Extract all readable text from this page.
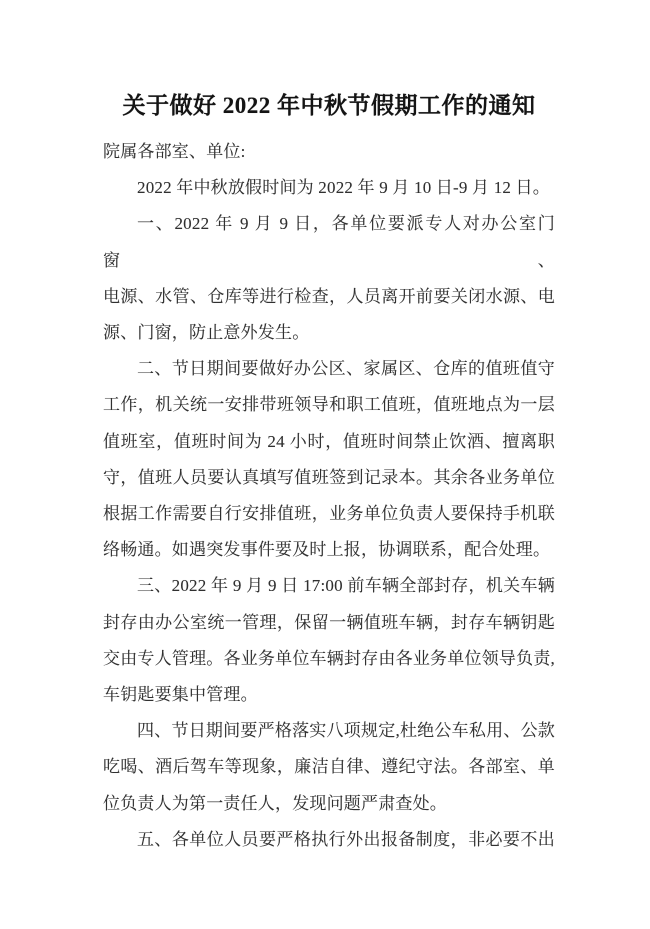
关于做好 2022 年中秋节假期工作的通知
院属各部室、单位:
2022 年中秋放假时间为 2022 年 9 月 10 日-9 月 12 日。
一、2022 年 9 月 9 日，各单位要派专人对办公室门窗、
电源、水管、仓库等进行检查，人员离开前要关闭水源、电
源、门窗，防止意外发生。
二、节日期间要做好办公区、家属区、仓库的值班值守
工作，机关统一安排带班领导和职工值班，值班地点为一层
值班室，值班时间为 24 小时，值班时间禁止饮酒、擅离职
守，值班人员要认真填写值班签到记录本。其余各业务单位
根据工作需要自行安排值班，业务单位负责人要保持手机联
络畅通。如遇突发事件要及时上报，协调联系，配合处理。
三、2022 年 9 月 9 日 17:00 前车辆全部封存，机关车辆
封存由办公室统一管理，保留一辆值班车辆，封存车辆钥匙
交由专人管理。各业务单位车辆封存由各业务单位领导负责,
车钥匙要集中管理。
四、节日期间要严格落实八项规定,杜绝公车私用、公款
吃喝、酒后驾车等现象，廉洁自律、遵纪守法。各部室、单
位负责人为第一责任人，发现问题严肃查处。
五、各单位人员要严格执行外出报备制度，非必要不出
